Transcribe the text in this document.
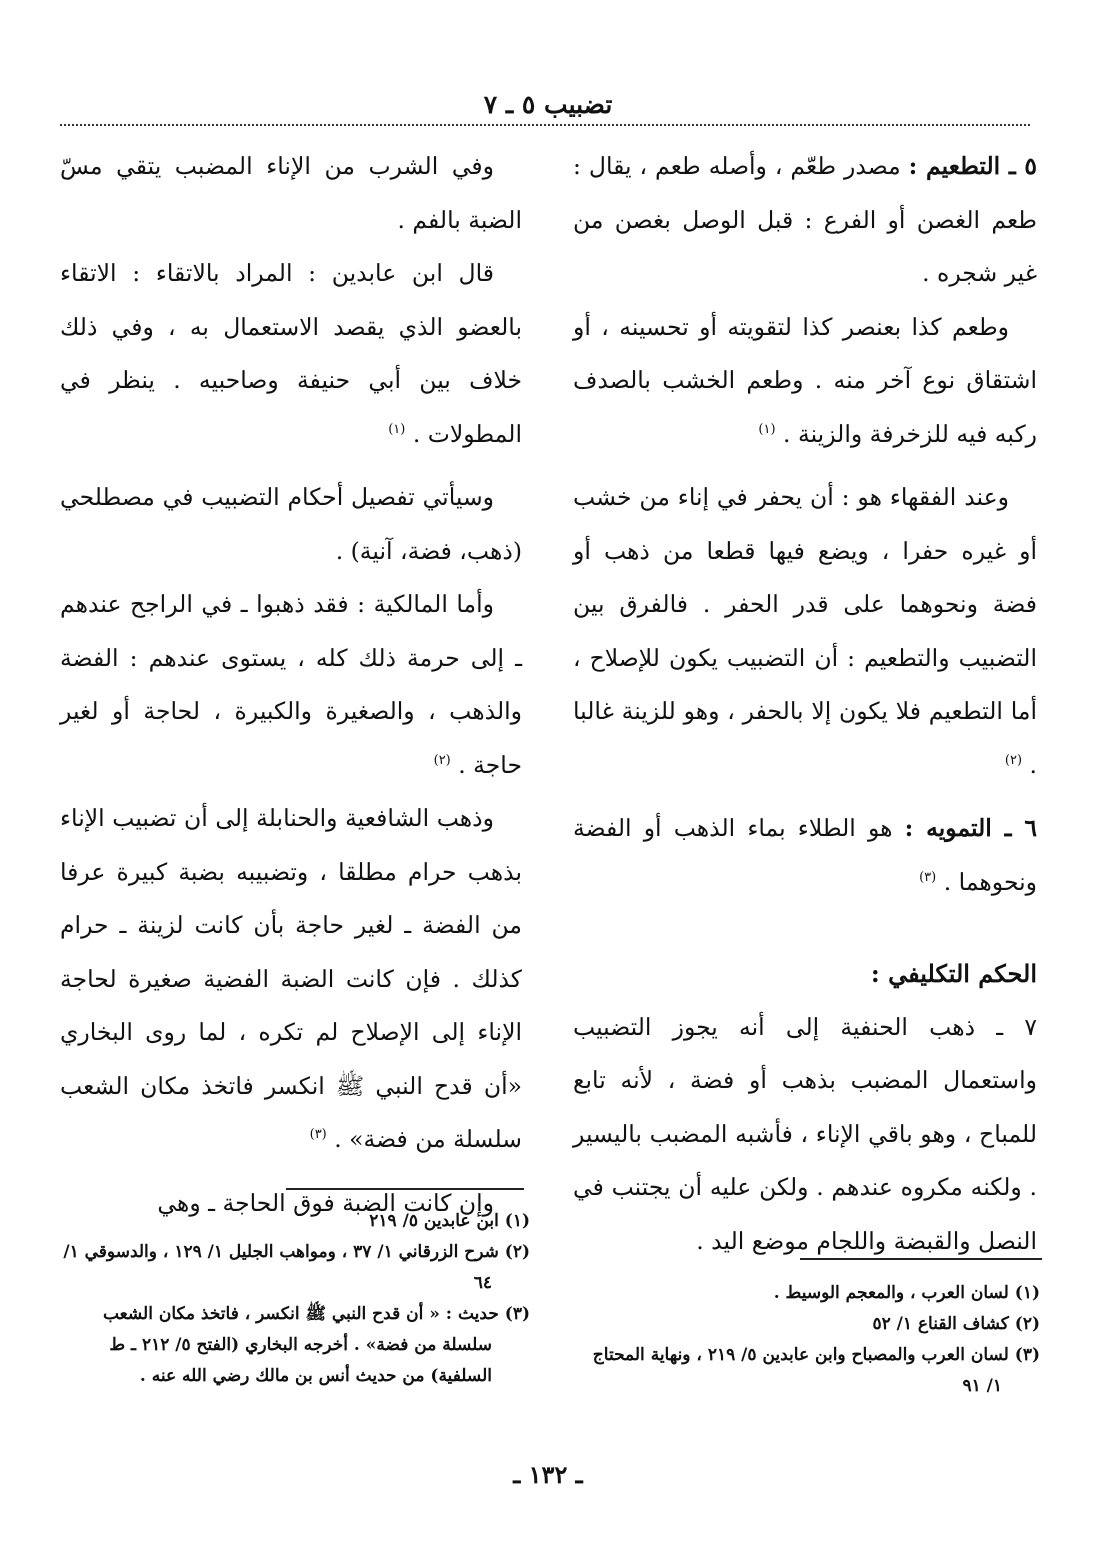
تضبيب ٥ ـ ٧

٥ ـ التطعيم : مصدر طعّم ، وأصله طعم ، يقال : طعم الغصن أو الفرع : قبل الوصل بغصن من غير شجره .

وطعم كذا بعنصر كذا لتقويته أو تحسينه ، أو اشتقاق نوع آخر منه . وطعم الخشب بالصدف ركبه فيه للزخرفة والزينة . $^{(١)}$

وعند الفقهاء هو : أن يحفر في إناء من خشب أو غيره حفرا ، ويضع فيها قطعا من ذهب أو فضة ونحوهما على قدر الحفر . فالفرق بين التضبيب والتطعيم : أن التضبيب يكون للإصلاح ، أما التطعيم فلا يكون إلا بالحفر ، وهو للزينة غالبا . $^{(٢)}$

٦ ـ التمويه : هو الطلاء بماء الذهب أو الفضة ونحوهما . $^{(٣)}$

الحكم التكليفي :

٧ ـ ذهب الحنفية إلى أنه يجوز التضبيب واستعمال المضبب بذهب أو فضة ، لأنه تابع للمباح ، وهو باقي الإناء ، فأشبه المضبب باليسير . ولكنه مكروه عندهم . ولكن عليه أن يجتنب في النصل والقبضة واللجام موضع اليد .

وفي الشرب من الإناء المضبب يتقي مسّ الضبة بالفم .

قال ابن عابدين : المراد بالاتقاء : الاتقاء بالعضو الذي يقصد الاستعمال به ، وفي ذلك خلاف بين أبي حنيفة وصاحبيه . ينظر في المطولات . $^{(١)}$

وسيأتي تفصيل أحكام التضبيب في مصطلحي (ذهب، فضة، آنية) .

وأما المالكية : فقد ذهبوا ـ في الراجح عندهم ـ إلى حرمة ذلك كله ، يستوى عندهم : الفضة والذهب ، والصغيرة والكبيرة ، لحاجة أو لغير حاجة . $^{(٢)}$

وذهب الشافعية والحنابلة إلى أن تضبيب الإناء بذهب حرام مطلقا ، وتضبيبه بضبة كبيرة عرفا من الفضة ـ لغير حاجة بأن كانت لزينة ـ حرام كذلك . فإن كانت الضبة الفضية صغيرة لحاجة الإناء إلى الإصلاح لم تكره ، لما روى البخاري «أن قدح النبي ﷺ انكسر فاتخذ مكان الشعب سلسلة من فضة» . $^{(٣)}$

وإن كانت الضبة فوق الحاجة ـ وهي

(١) ابن عابدين ٥/ ٢١٩
(٢) شرح الزرقاني ١/ ٣٧ ، ومواهب الجليل ١/ ١٢٩ ، والدسوقي ١/ ٦٤
(٣) حديث : « أن قدح النبي ﷺ انكسر ، فاتخذ مكان الشعب سلسلة من فضة» . أخرجه البخاري (الفتح ٥/ ٢١٢ ـ ط السلفية) من حديث أنس بن مالك رضي الله عنه .
(١) لسان العرب ، والمعجم الوسيط .
(٢) كشاف القناع ١/ ٥٢
(٣) لسان العرب والمصباح وابن عابدين ٥/ ٢١٩ ، ونهاية المحتاج ١/ ٩١
ـ ١٣٢ ـ
